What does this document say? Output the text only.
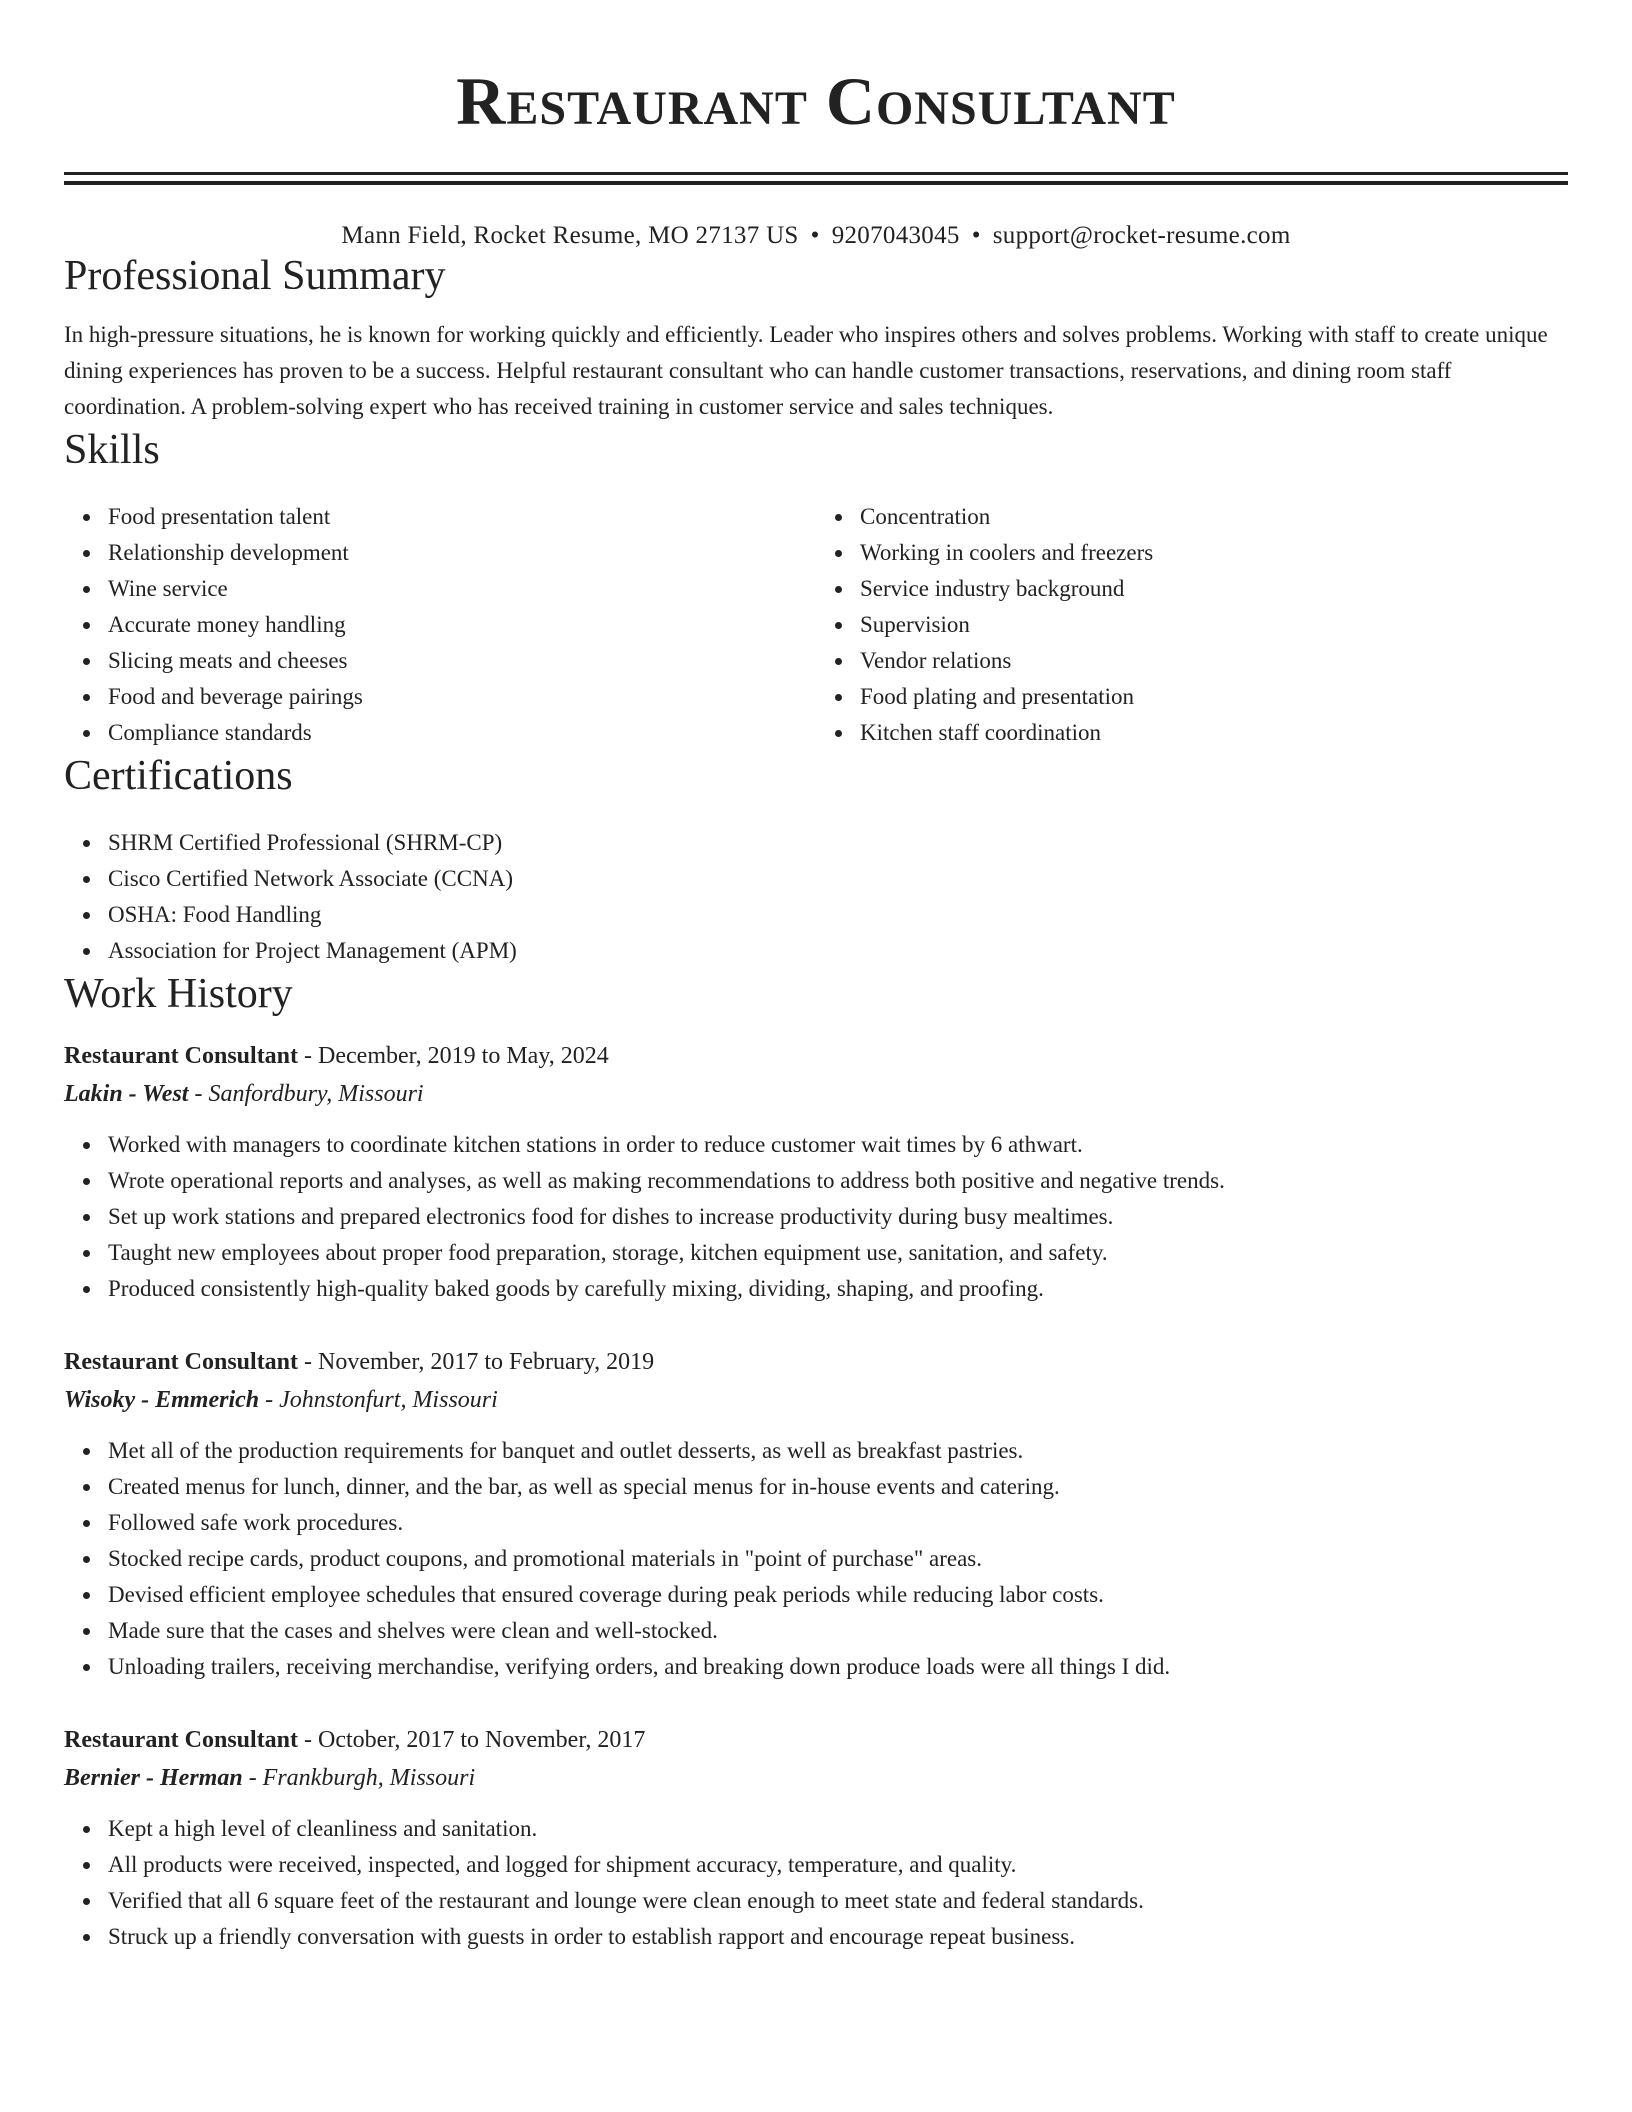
Restaurant Consultant
Mann Field, Rocket Resume, MO 27137 US • 9207043045 • support@rocket-resume.com
Professional Summary

In high-pressure situations, he is known for working quickly and efficiently. Leader who inspires others and solves problems. Working with staff to create unique dining experiences has proven to be a success. Helpful restaurant consultant who can handle customer transactions, reservations, and dining room staff coordination. A problem-solving expert who has received training in customer service and sales techniques.

Skills
Food presentation talent
Relationship development
Wine service
Accurate money handling
Slicing meats and cheeses
Food and beverage pairings
Compliance standards
Concentration
Working in coolers and freezers
Service industry background
Supervision
Vendor relations
Food plating and presentation
Kitchen staff coordination
Certifications
SHRM Certified Professional (SHRM-CP)
Cisco Certified Network Associate (CCNA)
OSHA: Food Handling
Association for Project Management (APM)
Work History
Restaurant Consultant - December, 2019 to May, 2024
Lakin - West - Sanfordbury, Missouri
Worked with managers to coordinate kitchen stations in order to reduce customer wait times by 6 athwart.
Wrote operational reports and analyses, as well as making recommendations to address both positive and negative trends.
Set up work stations and prepared electronics food for dishes to increase productivity during busy mealtimes.
Taught new employees about proper food preparation, storage, kitchen equipment use, sanitation, and safety.
Produced consistently high-quality baked goods by carefully mixing, dividing, shaping, and proofing.
Restaurant Consultant - November, 2017 to February, 2019
Wisoky - Emmerich - Johnstonfurt, Missouri
Met all of the production requirements for banquet and outlet desserts, as well as breakfast pastries.
Created menus for lunch, dinner, and the bar, as well as special menus for in-house events and catering.
Followed safe work procedures.
Stocked recipe cards, product coupons, and promotional materials in "point of purchase" areas.
Devised efficient employee schedules that ensured coverage during peak periods while reducing labor costs.
Made sure that the cases and shelves were clean and well-stocked.
Unloading trailers, receiving merchandise, verifying orders, and breaking down produce loads were all things I did.
Restaurant Consultant - October, 2017 to November, 2017
Bernier - Herman - Frankburgh, Missouri
Kept a high level of cleanliness and sanitation.
All products were received, inspected, and logged for shipment accuracy, temperature, and quality.
Verified that all 6 square feet of the restaurant and lounge were clean enough to meet state and federal standards.
Struck up a friendly conversation with guests in order to establish rapport and encourage repeat business.
